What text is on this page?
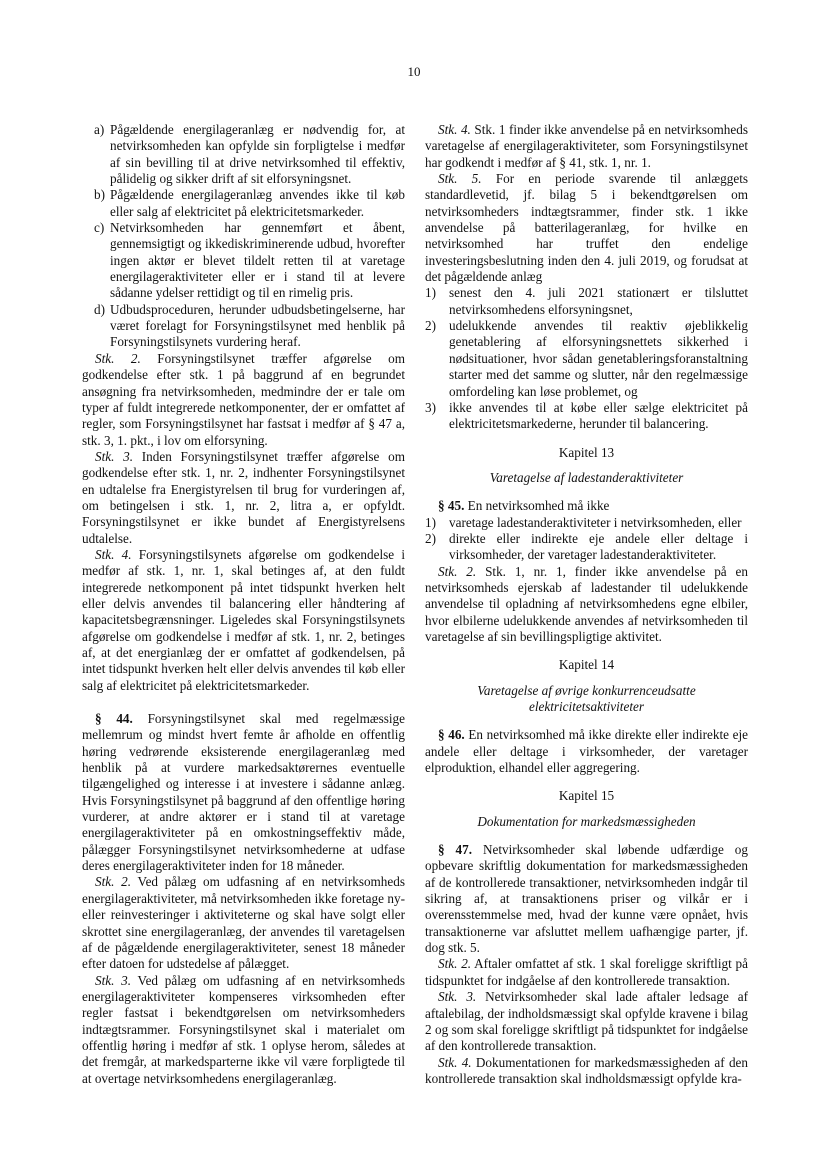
10
a) Pågældende energilageranlæg er nødvendig for, at netvirksomheden kan opfylde sin forpligtelse i medfør af sin bevilling til at drive netvirksomhed til effektiv, pålidelig og sikker drift af sit elforsyningsnet.
b) Pågældende energilageranlæg anvendes ikke til køb eller salg af elektricitet på elektricitetsmarkeder.
c) Netvirksomheden har gennemført et åbent, gennemsigtigt og ikkediskriminerende udbud, hvorefter ingen aktør er blevet tildelt retten til at varetage energilageraktiviteter eller er i stand til at levere sådanne ydelser rettidigt og til en rimelig pris.
d) Udbudsproceduren, herunder udbudsbetingelserne, har været forelagt for Forsyningstilsynet med henblik på Forsyningstilsynets vurdering heraf.

Stk. 2. Forsyningstilsynet træffer afgørelse om godkendelse efter stk. 1 på baggrund af en begrundet ansøgning fra netvirksomheden, medmindre der er tale om typer af fuldt integrerede netkomponenter, der er omfattet af regler, som Forsyningstilsynet har fastsat i medfør af § 47 a, stk. 3, 1. pkt., i lov om elforsyning.

Stk. 3. Inden Forsyningstilsynet træffer afgørelse om godkendelse efter stk. 1, nr. 2, indhenter Forsyningstilsynet en udtalelse fra Energistyrelsen til brug for vurderingen af, om betingelsen i stk. 1, nr. 2, litra a, er opfyldt. Forsyningstilsynet er ikke bundet af Energistyrelsens udtalelse.

Stk. 4. Forsyningstilsynets afgørelse om godkendelse i medfør af stk. 1, nr. 1, skal betinges af, at den fuldt integrerede netkomponent på intet tidspunkt hverken helt eller delvis anvendes til balancering eller håndtering af kapacitetsbegrænsninger. Ligeledes skal Forsyningstilsynets afgørelse om godkendelse i medfør af stk. 1, nr. 2, betinges af, at det energianlæg der er omfattet af godkendelsen, på intet tidspunkt hverken helt eller delvis anvendes til køb eller salg af elektricitet på elektricitetsmarkeder.

§ 44. Forsyningstilsynet skal med regelmæssige mellemrum og mindst hvert femte år afholde en offentlig høring vedrørende eksisterende energilageranlæg med henblik på at vurdere markedsaktørernes eventuelle tilgængelighed og interesse i at investere i sådanne anlæg. Hvis Forsyningstilsynet på baggrund af den offentlige høring vurderer, at andre aktører er i stand til at varetage energilageraktiviteter på en omkostningseffektiv måde, pålægger Forsyningstilsynet netvirksomhederne at udfase deres energilageraktiviteter inden for 18 måneder.

Stk. 2. Ved pålæg om udfasning af en netvirksomheds energilageraktiviteter, må netvirksomheden ikke foretage ny- eller reinvesteringer i aktiviteterne og skal have solgt eller skrottet sine energilageranlæg, der anvendes til varetagelsen af de pågældende energilageraktiviteter, senest 18 måneder efter datoen for udstedelse af pålægget.

Stk. 3. Ved pålæg om udfasning af en netvirksomheds energilageraktiviteter kompenseres virksomheden efter regler fastsat i bekendtgørelsen om netvirksomheders indtægtsrammer. Forsyningstilsynet skal i materialet om offentlig høring i medfør af stk. 1 oplyse herom, således at det fremgår, at markedsparterne ikke vil være forpligtede til at overtage netvirksomhedens energilageranlæg.

Stk. 4. Stk. 1 finder ikke anvendelse på en netvirksomheds varetagelse af energilageraktiviteter, som Forsyningstilsynet har godkendt i medfør af § 41, stk. 1, nr. 1.

Stk. 5. For en periode svarende til anlæggets standardlevetid, jf. bilag 5 i bekendtgørelsen om netvirksomheders indtægtsrammer, finder stk. 1 ikke anvendelse på batterilageranlæg, for hvilke en netvirksomhed har truffet den endelige investeringsbeslutning inden den 4. juli 2019, og forudsat at det pågældende anlæg

1) senest den 4. juli 2021 stationært er tilsluttet netvirksomhedens elforsyningsnet,
2) udelukkende anvendes til reaktiv øjeblikkelig genetablering af elforsyningsnettets sikkerhed i nødsituationer, hvor sådan genetableringsforanstaltning starter med det samme og slutter, når den regelmæssige omfordeling kan løse problemet, og
3) ikke anvendes til at købe eller sælge elektricitet på elektricitetsmarkederne, herunder til balancering.

Kapitel 13

Varetagelse af ladestanderaktiviteter

§ 45. En netvirksomhed må ikke

1) varetage ladestanderaktiviteter i netvirksomheden, eller
2) direkte eller indirekte eje andele eller deltage i virksomheder, der varetager ladestanderaktiviteter.

Stk. 2. Stk. 1, nr. 1, finder ikke anvendelse på en netvirksomheds ejerskab af ladestander til udelukkende anvendelse til opladning af netvirksomhedens egne elbiler, hvor elbilerne udelukkende anvendes af netvirksomheden til varetagelse af sin bevillingspligtige aktivitet.

Kapitel 14

Varetagelse af øvrige konkurrenceudsatte elektricitetsaktiviteter

§ 46. En netvirksomhed må ikke direkte eller indirekte eje andele eller deltage i virksomheder, der varetager elproduktion, elhandel eller aggregering.

Kapitel 15

Dokumentation for markedsmæssigheden

§ 47. Netvirksomheder skal løbende udfærdige og opbevare skriftlig dokumentation for markedsmæssigheden af de kontrollerede transaktioner, netvirksomheden indgår til sikring af, at transaktionens priser og vilkår er i overensstemmelse med, hvad der kunne være opnået, hvis transaktionerne var afsluttet mellem uafhængige parter, jf. dog stk. 5.

Stk. 2. Aftaler omfattet af stk. 1 skal foreligge skriftligt på tidspunktet for indgåelse af den kontrollerede transaktion.

Stk. 3. Netvirksomheder skal lade aftaler ledsage af aftalebilag, der indholdsmæssigt skal opfylde kravene i bilag 2 og som skal foreligge skriftligt på tidspunktet for indgåelse af den kontrollerede transaktion.

Stk. 4. Dokumentationen for markedsmæssigheden af den kontrollerede transaktion skal indholdsmæssigt opfylde kra-
